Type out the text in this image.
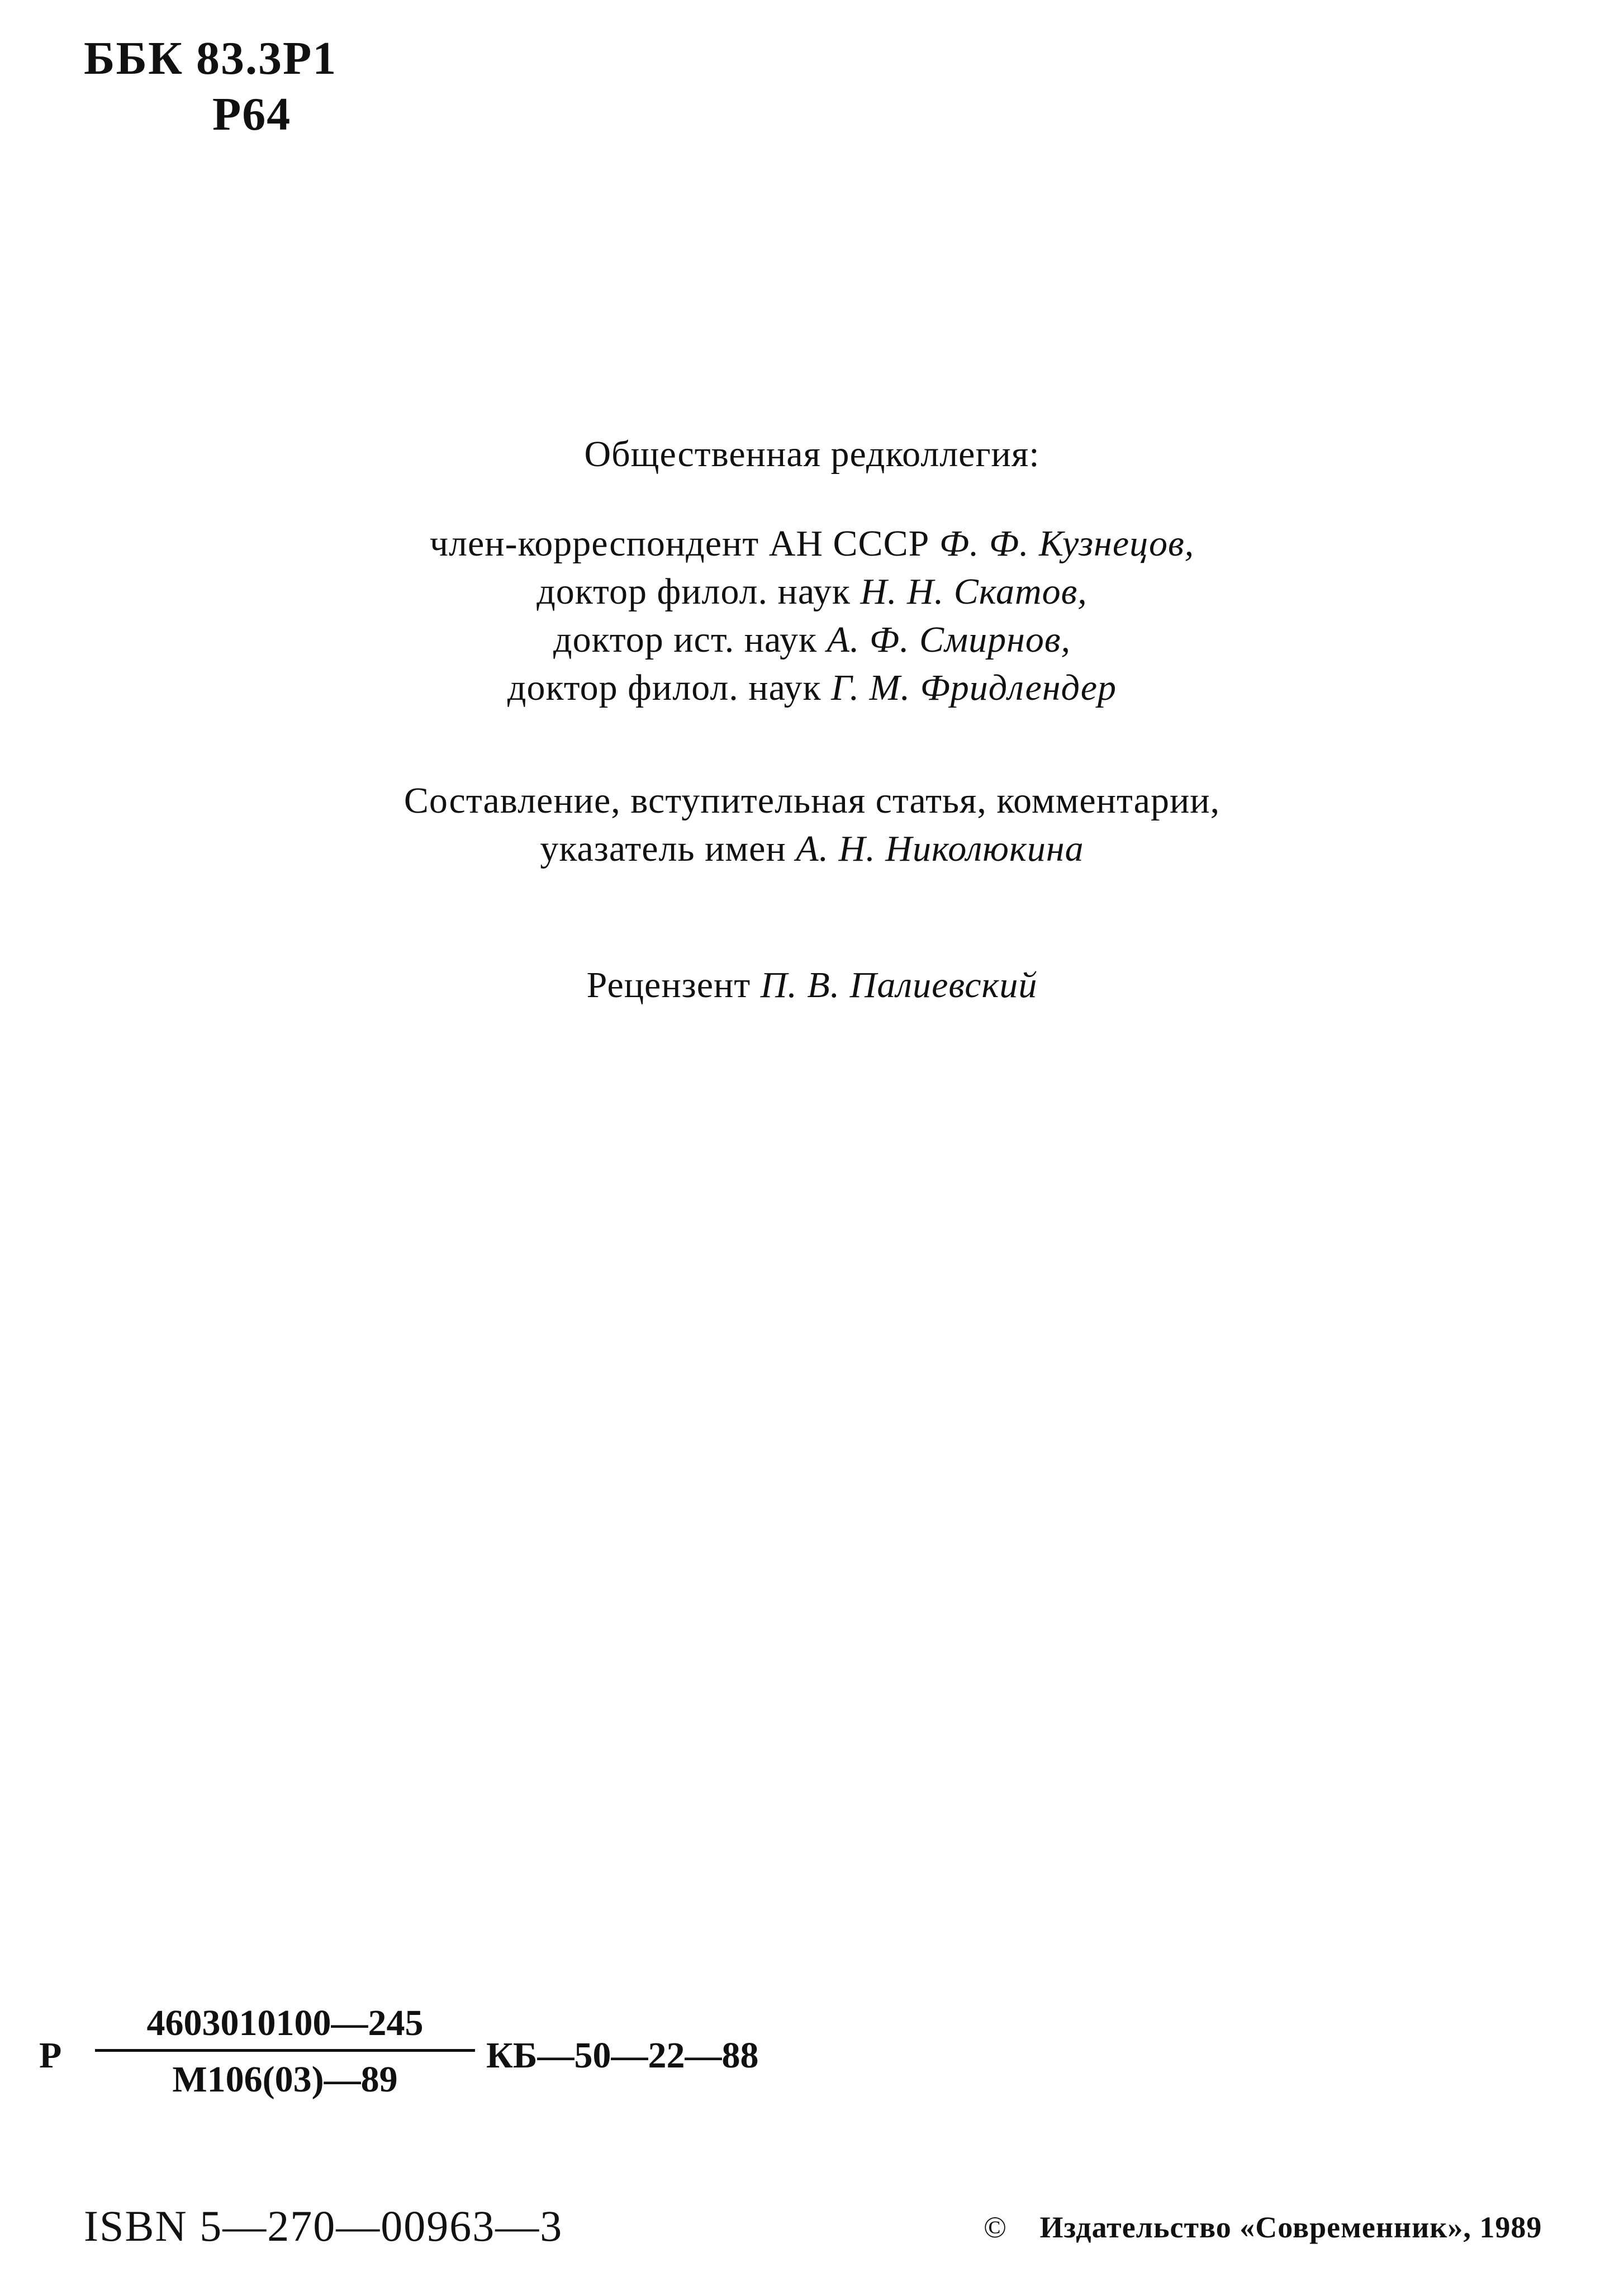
ББК 83.3Р1
Р64
Общественная редколлегия:
член-корреспондент АН СССР Ф. Ф. Кузнецов,
доктор филол. наук Н. Н. Скатов,
доктор ист. наук А. Ф. Смирнов,
доктор филол. наук Г. М. Фридлендер
Составление, вступительная статья, комментарии,
указатель имен А. Н. Николюкина
Рецензент П. В. Палиевский
Р
4603010100—245
М106(03)—89
КБ—50—22—88
ISBN 5—270—00963—3	© Издательство «Современник», 1989
